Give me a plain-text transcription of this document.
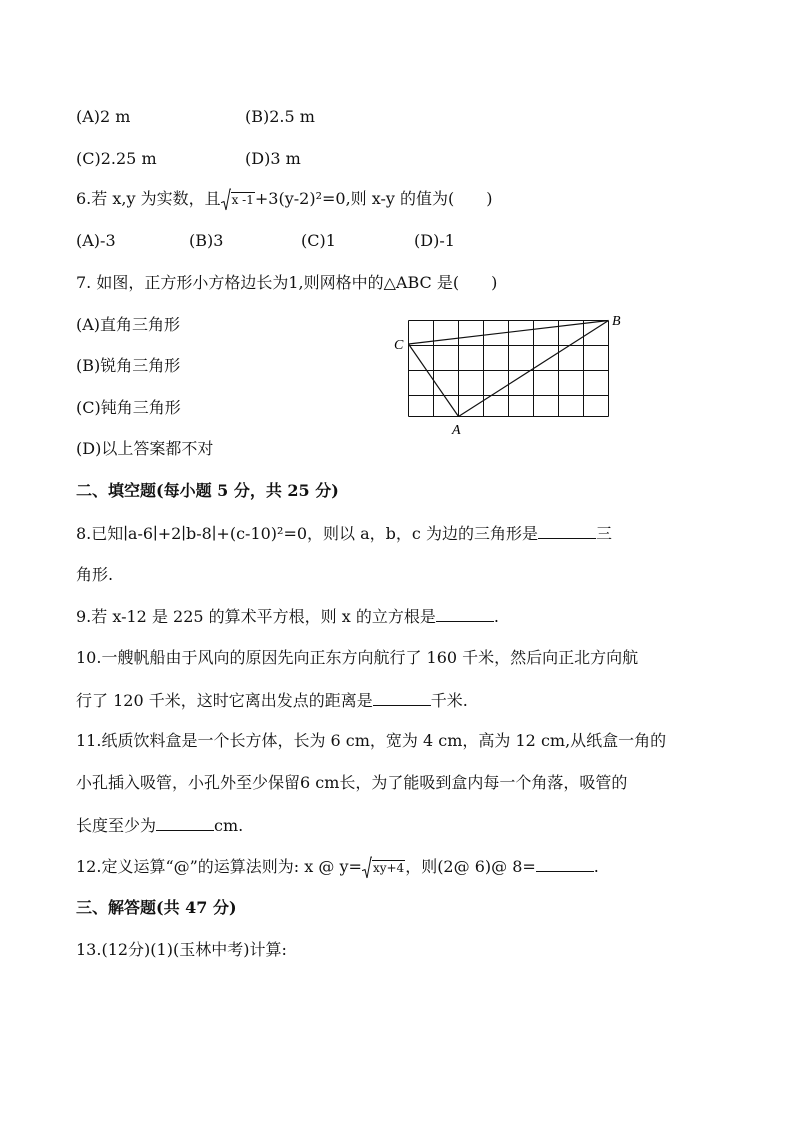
(A)2 m	(B)2.5 m
(C)2.25 m	(D)3 m
6.若 x,y 为实数，且 x -1+3(y-2)²=0,则 x-y 的值为(　　)
(A)-3	(B)3	(C)1	(D)-1
7. 如图，正方形小方格边长为1,则网格中的△ABC 是(　　)
(A)直角三角形
(B)锐角三角形
(C)钝角三角形
(D)以上答案都不对
C
B
A
二、填空题(每小题 5 分，共 25 分)
8.已知∣a-6∣+2∣b-8∣+(c-10)²=0，则以 a，b，c 为边的三角形是	三
角形.
9.若 x-12 是 225 的算术平方根，则 x 的立方根是	.
10.一艘帆船由于风向的原因先向正东方向航行了 160 千米，然后向正北方向航
行了 120 千米，这时它离出发点的距离是	千米.
11.纸质饮料盒是一个长方体，长为 6 cm，宽为 4 cm，高为 12 cm,从纸盒一角的
小孔插入吸管，小孔外至少保留6 cm长，为了能吸到盒内每一个角落，吸管的
长度至少为	cm.
12.定义运算“@”的运算法则为: x @ y= xy+4，则(2@ 6)@ 8=	.
三、解答题(共 47 分)
13.(12分)(1)(玉林中考)计算:
